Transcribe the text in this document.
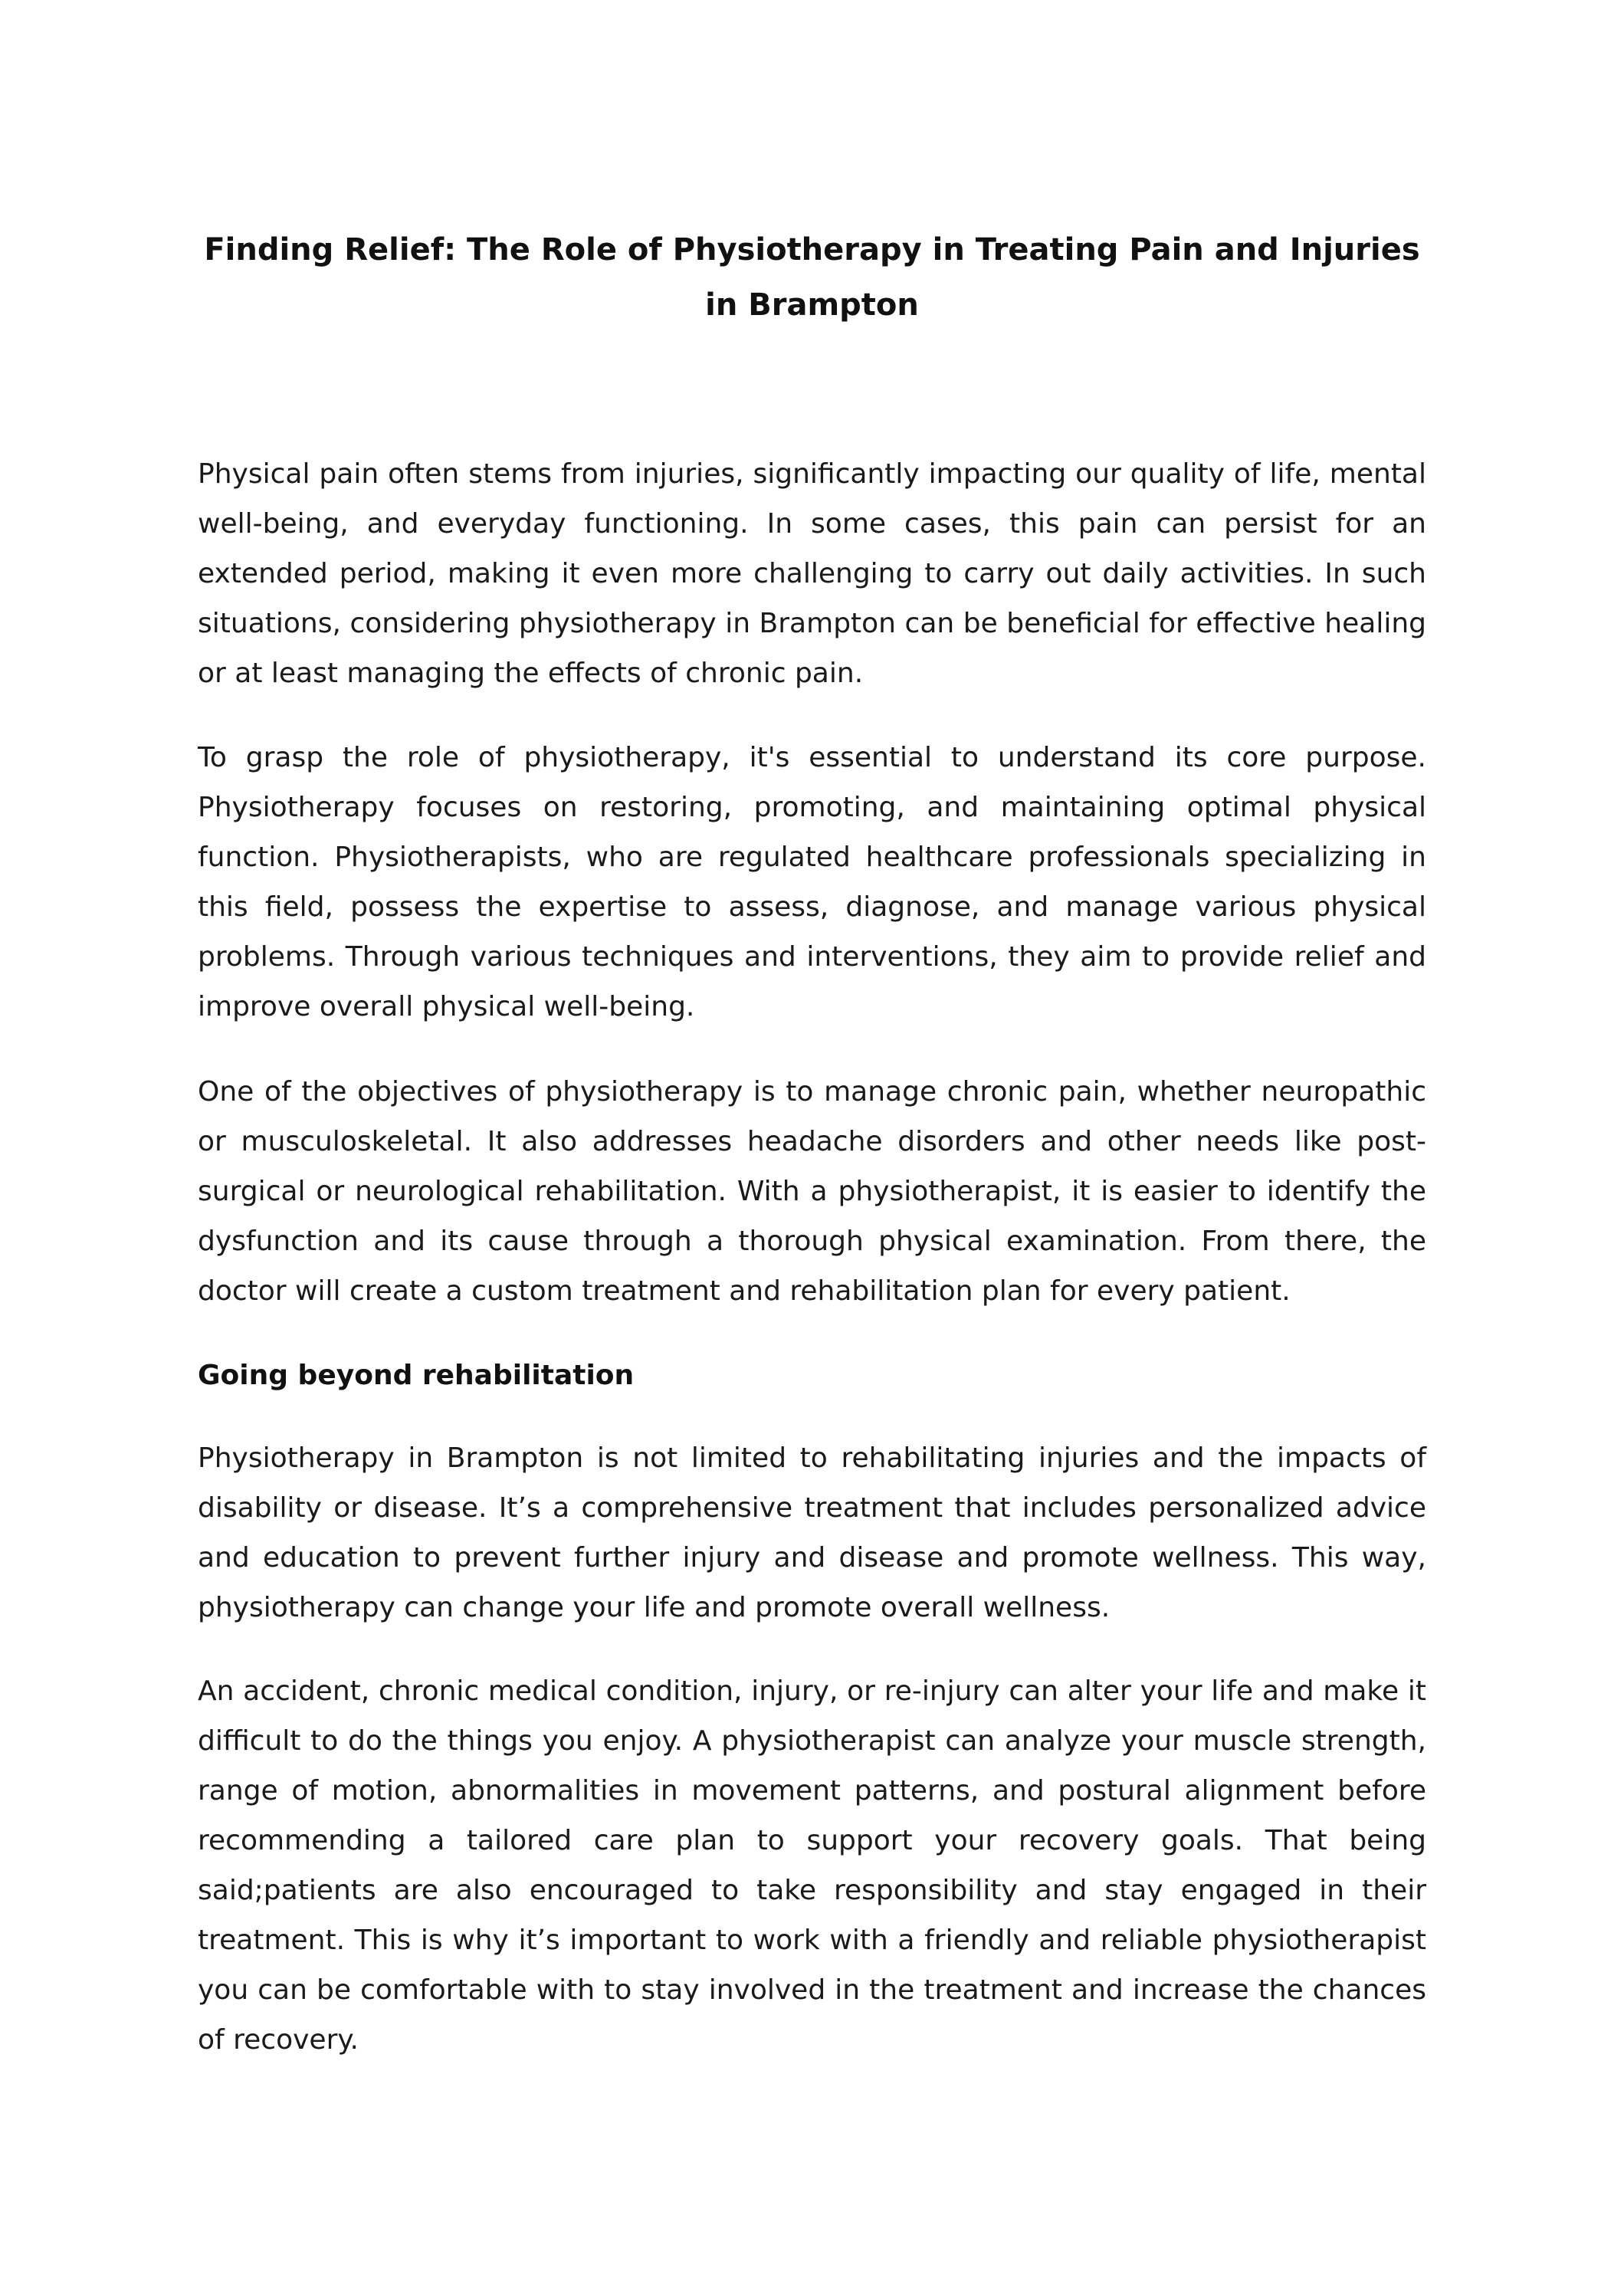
Finding Relief: The Role of Physiotherapy in Treating Pain and Injuries in Brampton

Physical pain often stems from injuries, significantly impacting our quality of life, mental well-being, and everyday functioning. In some cases, this pain can persist for an extended period, making it even more challenging to carry out daily activities. In such situations, considering physiotherapy in Brampton can be beneficial for effective healing or at least managing the effects of chronic pain.

To grasp the role of physiotherapy, it's essential to understand its core purpose. Physiotherapy focuses on restoring, promoting, and maintaining optimal physical function. Physiotherapists, who are regulated healthcare professionals specializing in this field, possess the expertise to assess, diagnose, and manage various physical problems. Through various techniques and interventions, they aim to provide relief and improve overall physical well-being.

One of the objectives of physiotherapy is to manage chronic pain, whether neuropathic or musculoskeletal. It also addresses headache disorders and other needs like post-surgical or neurological rehabilitation. With a physiotherapist, it is easier to identify the dysfunction and its cause through a thorough physical examination. From there, the doctor will create a custom treatment and rehabilitation plan for every patient.

Going beyond rehabilitation

Physiotherapy in Brampton is not limited to rehabilitating injuries and the impacts of disability or disease. It’s a comprehensive treatment that includes personalized advice and education to prevent further injury and disease and promote wellness. This way, physiotherapy can change your life and promote overall wellness.

An accident, chronic medical condition, injury, or re-injury can alter your life and make it difficult to do the things you enjoy. A physiotherapist can analyze your muscle strength, range of motion, abnormalities in movement patterns, and postural alignment before recommending a tailored care plan to support your recovery goals. That being said;patients are also encouraged to take responsibility and stay engaged in their treatment. This is why it’s important to work with a friendly and reliable physiotherapist you can be comfortable with to stay involved in the treatment and increase the chances of recovery.
